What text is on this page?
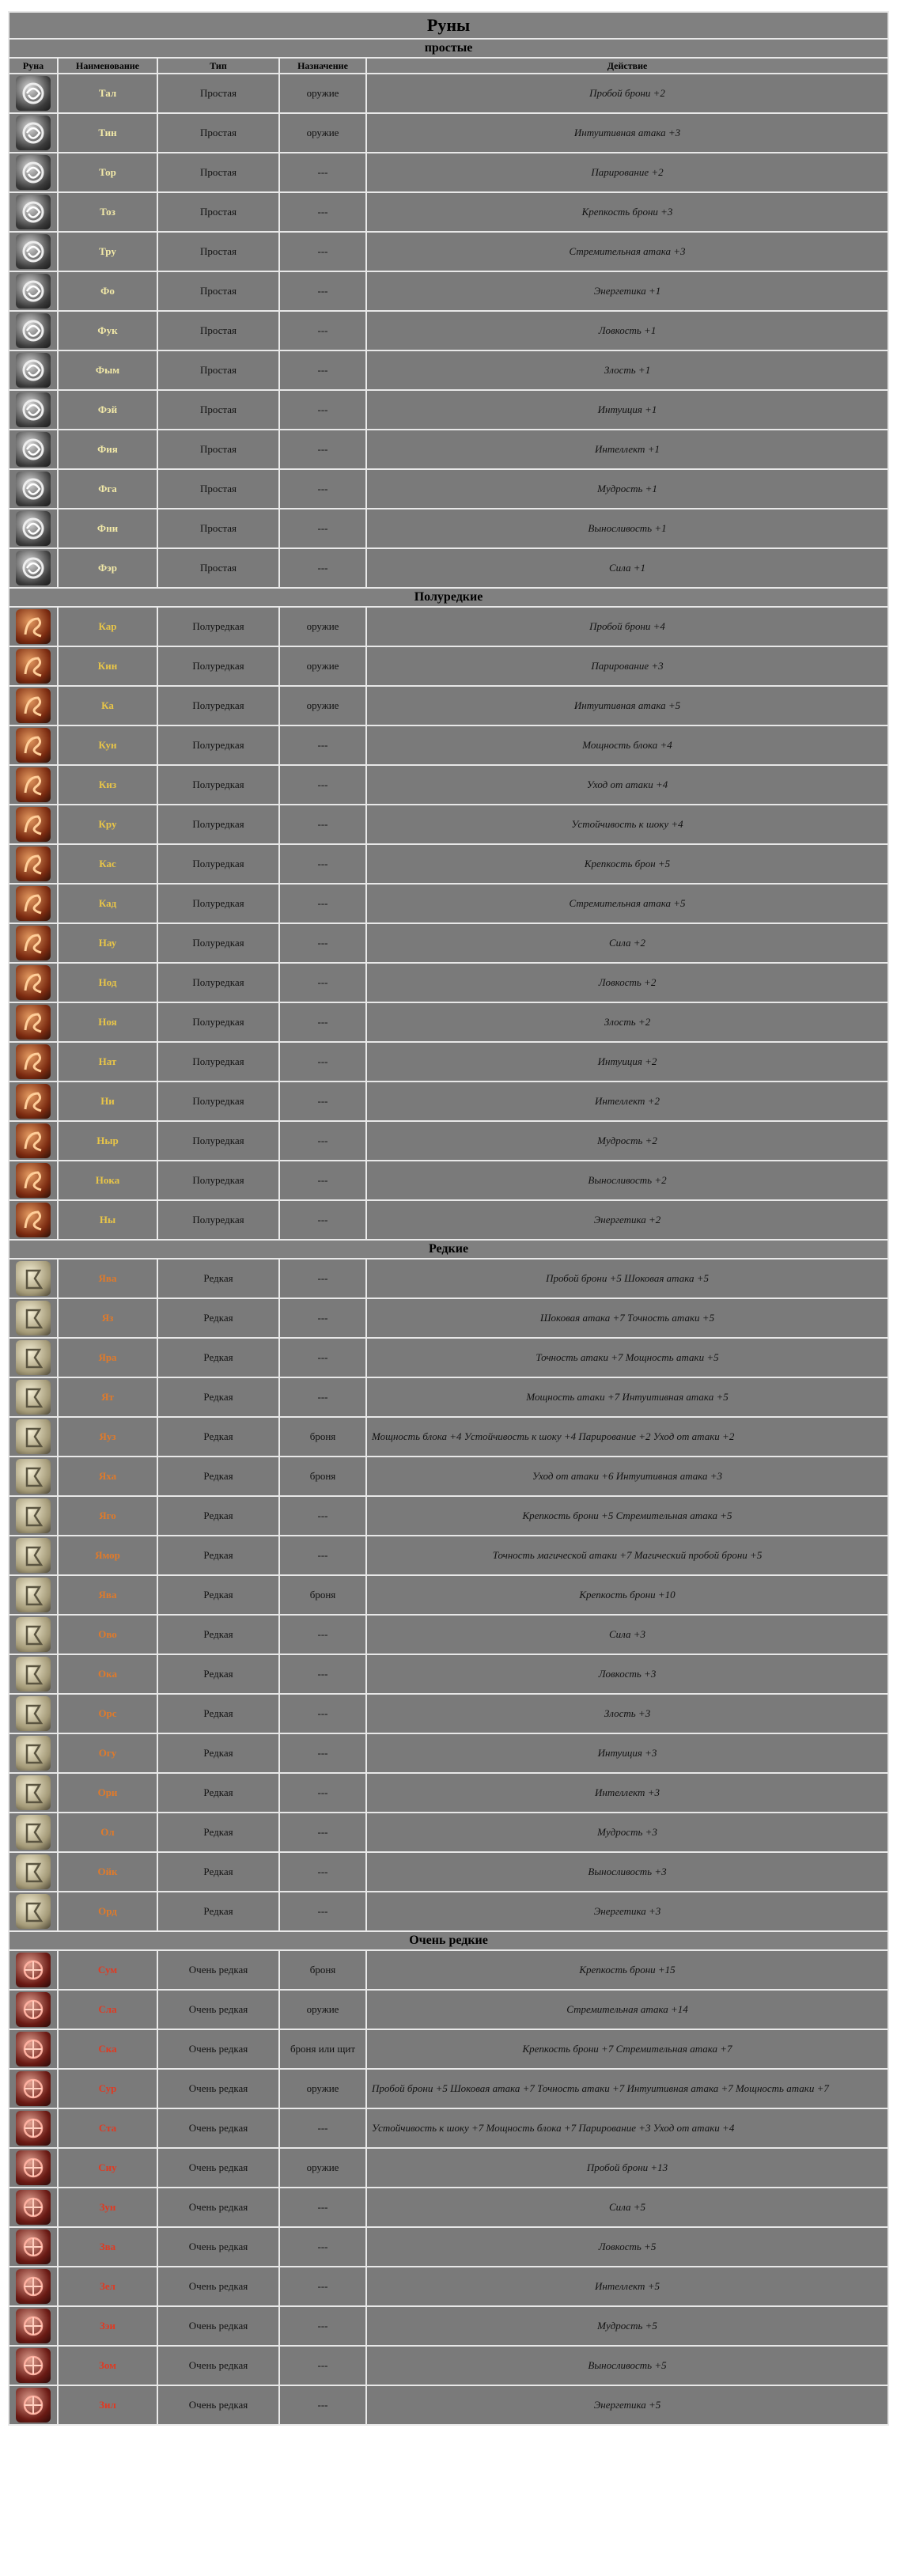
Руны				
простые				
Руна	Наименование	Тип	Назначение	Действие

	Тал	Простая	оружие	Пробой брони +2

	Тин	Простая	оружие	Интуитивная атака +3

	Тор	Простая	---	Парирование +2

	Тоз	Простая	---	Крепкость брони +3

	Тру	Простая	---	Стремительная атака +3

	Фо	Простая	---	Энергетика +1

	Фук	Простая	---	Ловкость +1

	Фым	Простая	---	Злость +1

	Фэй	Простая	---	Интуиция +1

	Фия	Простая	---	Интеллект +1

	Фга	Простая	---	Мудрость +1

	Фни	Простая	---	Выносливость +1

	Фэр	Простая	---	Сила +1
Полуредкие				

	Кар	Полуредкая	оружие	Пробой брони +4

	Кин	Полуредкая	оружие	Парирование +3

	Ка	Полуредкая	оружие	Интуитивная атака +5

	Кун	Полуредкая	---	Мощность блока +4

	Киз	Полуредкая	---	Уход от атаки +4

	Кру	Полуредкая	---	Устойчивость к шоку +4

	Кас	Полуредкая	---	Крепкость брон +5

	Кад	Полуредкая	---	Стремительная атака +5

	Нау	Полуредкая	---	Сила +2

	Нод	Полуредкая	---	Ловкость +2

	Ноя	Полуредкая	---	Злость +2

	Нат	Полуредкая	---	Интуиция +2

	Ни	Полуредкая	---	Интеллект +2

	Ныр	Полуредкая	---	Мудрость +2

	Нока	Полуредкая	---	Выносливость +2

	Ны	Полуредкая	---	Энергетика +2
Редкие				

	Ява	Редкая	---	Пробой брони +5 Шоковая атака +5

	Яз	Редкая	---	Шоковая атака +7 Точность атаки +5

	Яра	Редкая	---	Точность атаки +7 Мощность атаки +5

	Ят	Редкая	---	Мощность атаки +7 Интуитивная атака +5

	Яуз	Редкая	броня	Мощность блока +4 Устойчивость к шоку +4 Парирование +2 Уход от атаки +2

	Яха	Редкая	броня	Уход от атаки +6 Интуитивная атака +3

	Яго	Редкая	---	Крепкость брони +5 Стремительная атака +5

	Ямор	Редкая	---	Точность магической атаки +7 Магический пробой брони +5

	Ява	Редкая	броня	Крепкость брони +10

	Ово	Редкая	---	Сила +3

	Ока	Редкая	---	Ловкость +3

	Орс	Редкая	---	Злость +3

	Огу	Редкая	---	Интуиция +3

	Ори	Редкая	---	Интеллект +3

	Ол	Редкая	---	Мудрость +3

	Ойк	Редкая	---	Выносливость +3

	Орд	Редкая	---	Энергетика +3
Очень редкие				

	Сум	Очень редкая	броня	Крепкость брони +15

	Сла	Очень редкая	оружие	Стремительная атака +14

	Ска	Очень редкая	броня или щит	Крепкость брони +7 Стремительная атака +7

	Сур	Очень редкая	оружие	Пробой брони +5 Шоковая атака +7 Точность атаки +7 Интуитивная атака +7 Мощность атаки +7

	Ста	Очень редкая	---	Устойчивость к шоку +7 Мощность блока +7 Парирование +3 Уход от атаки +4

	Сиу	Очень редкая	оружие	Пробой брони +13

	Зун	Очень редкая	---	Сила +5

	Зва	Очень редкая	---	Ловкость +5

	Зел	Очень редкая	---	Интеллект +5

	Зэи	Очень редкая	---	Мудрость +5

	Зом	Очень редкая	---	Выносливость +5

	Зил	Очень редкая	---	Энергетика +5
